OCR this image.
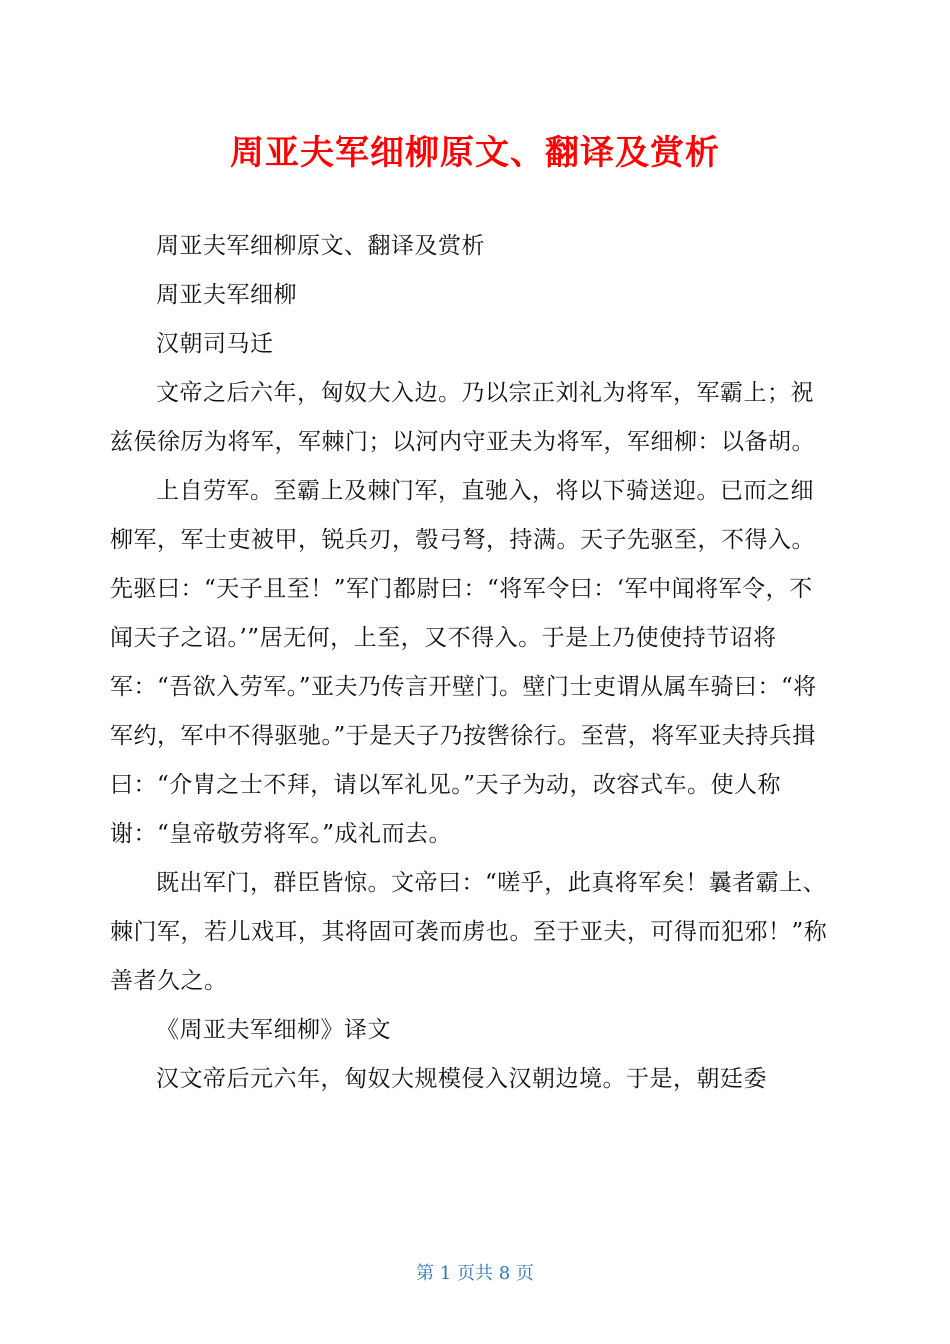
周亚夫军细柳原文、翻译及赏析

周亚夫军细柳原文、翻译及赏析

周亚夫军细柳

汉朝司马迁

文帝之后六年，匈奴大入边。乃以宗正刘礼为将军，军霸上；祝兹侯徐厉为将军，军棘门；以河内守亚夫为将军，军细柳：以备胡。

上自劳军。至霸上及棘门军，直驰入，将以下骑送迎。已而之细柳军，军士吏被甲，锐兵刃，彀弓弩，持满。天子先驱至，不得入。先驱曰：“天子且至！”军门都尉曰：“将军令曰：‘军中闻将军令，不闻天子之诏。’”居无何，上至，又不得入。于是上乃使使持节诏将军：“吾欲入劳军。”亚夫乃传言开壁门。壁门士吏谓从属车骑曰：“将军约，军中不得驱驰。”于是天子乃按辔徐行。至营，将军亚夫持兵揖曰：“介胄之士不拜，请以军礼见。”天子为动，改容式车。使人称谢：“皇帝敬劳将军。”成礼而去。

既出军门，群臣皆惊。文帝曰：“嗟乎，此真将军矣！曩者霸上、棘门军，若儿戏耳，其将固可袭而虏也。至于亚夫，可得而犯邪！”称善者久之。

《周亚夫军细柳》译文

汉文帝后元六年，匈奴大规模侵入汉朝边境。于是，朝廷委

第 1 页共 8 页
